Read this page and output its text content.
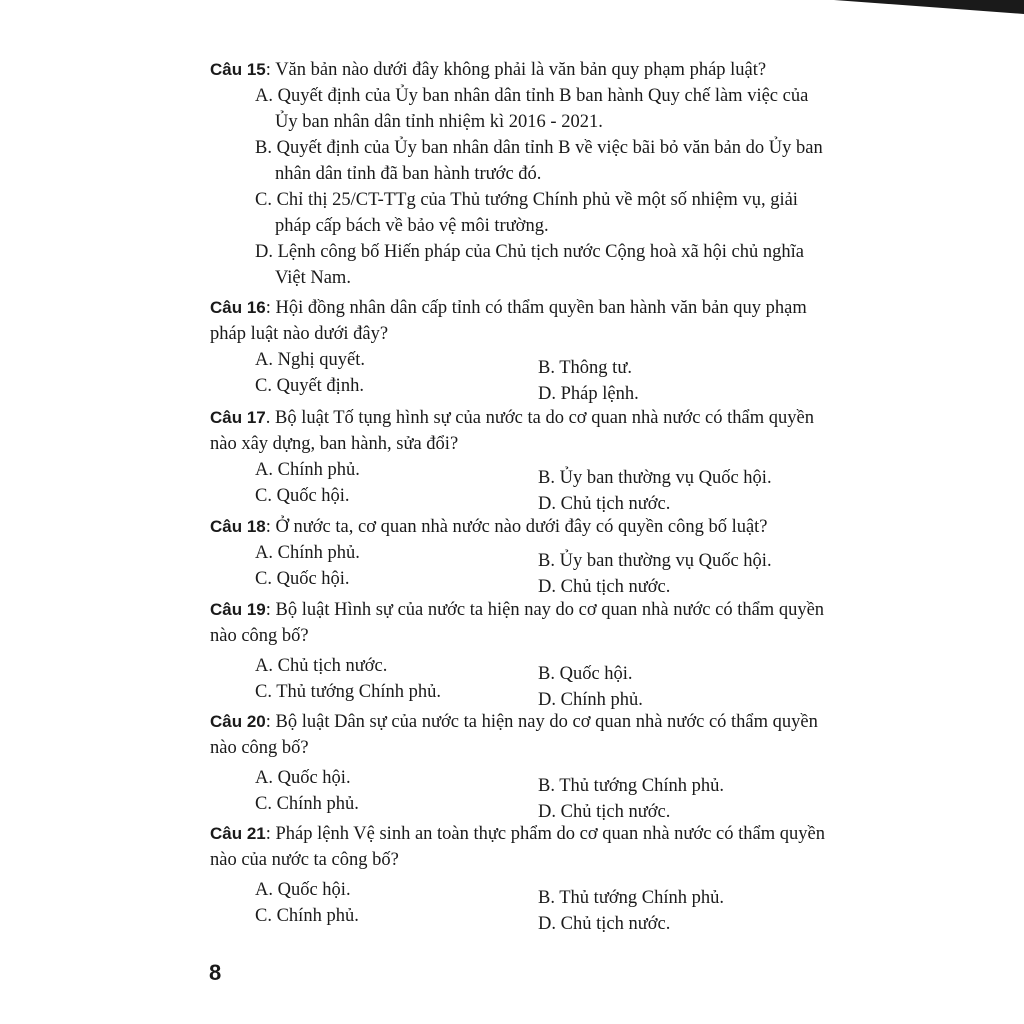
Câu 15: Văn bản nào dưới đây không phải là văn bản quy phạm pháp luật?
A. Quyết định của Ủy ban nhân dân tỉnh B ban hành Quy chế làm việc của Ủy ban nhân dân tỉnh nhiệm kì 2016 - 2021.
B. Quyết định của Ủy ban nhân dân tỉnh B về việc bãi bỏ văn bản do Ủy ban nhân dân tỉnh đã ban hành trước đó.
C. Chỉ thị 25/CT-TTg của Thủ tướng Chính phủ về một số nhiệm vụ, giải pháp cấp bách về bảo vệ môi trường.
D. Lệnh công bố Hiến pháp của Chủ tịch nước Cộng hoà xã hội chủ nghĩa Việt Nam.
Câu 16: Hội đồng nhân dân cấp tỉnh có thẩm quyền ban hành văn bản quy phạm pháp luật nào dưới đây?
A. Nghị quyết.	B. Thông tư.
C. Quyết định.	D. Pháp lệnh.
Câu 17. Bộ luật Tố tụng hình sự của nước ta do cơ quan nhà nước có thẩm quyền nào xây dựng, ban hành, sửa đổi?
A. Chính phủ.	B. Ủy ban thường vụ Quốc hội.
C. Quốc hội.	D. Chủ tịch nước.
Câu 18: Ở nước ta, cơ quan nhà nước nào dưới đây có quyền công bố luật?
A. Chính phủ.	B. Ủy ban thường vụ Quốc hội.
C. Quốc hội.	D. Chủ tịch nước.
Câu 19: Bộ luật Hình sự của nước ta hiện nay do cơ quan nhà nước có thẩm quyền nào công bố?
A. Chủ tịch nước.	B. Quốc hội.
C. Thủ tướng Chính phủ.	D. Chính phủ.
Câu 20: Bộ luật Dân sự của nước ta hiện nay do cơ quan nhà nước có thẩm quyền nào công bố?
A. Quốc hội.	B. Thủ tướng Chính phủ.
C. Chính phủ.	D. Chủ tịch nước.
Câu 21: Pháp lệnh Vệ sinh an toàn thực phẩm do cơ quan nhà nước có thẩm quyền nào của nước ta công bố?
A. Quốc hội.	B. Thủ tướng Chính phủ.
C. Chính phủ.	D. Chủ tịch nước.
8
